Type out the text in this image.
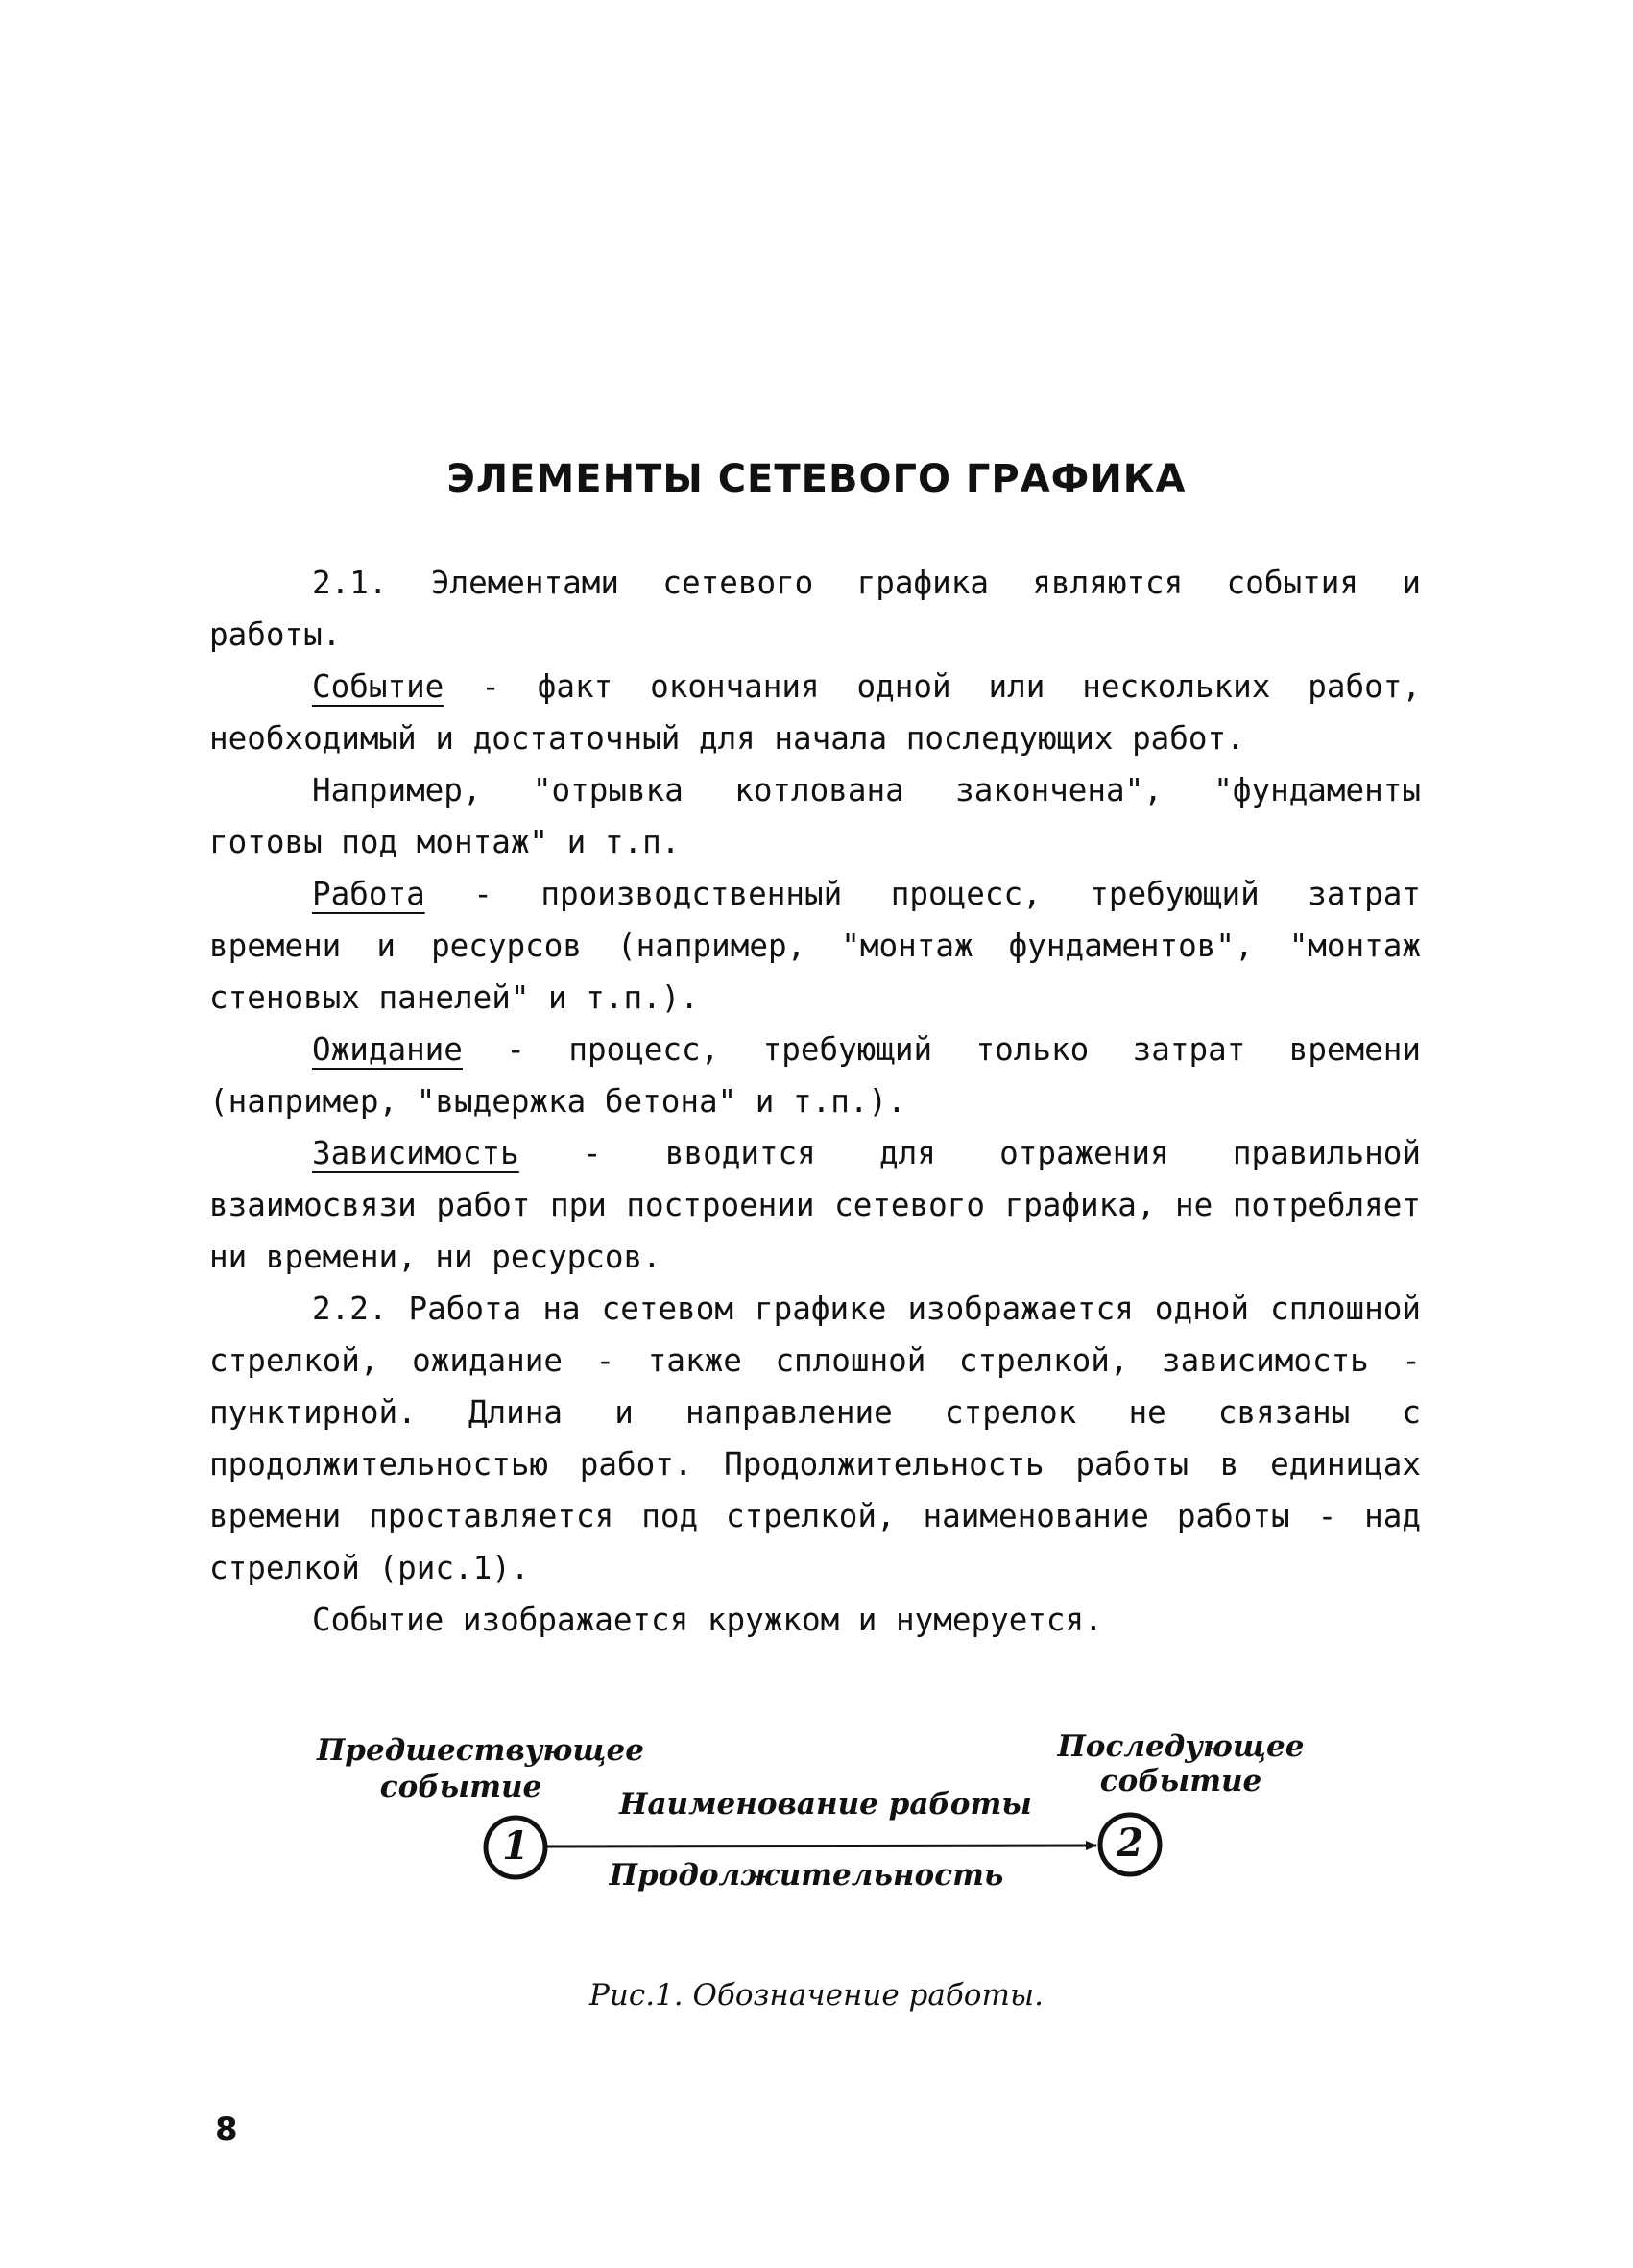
ЭЛЕМЕНТЫ СЕТЕВОГО ГРАФИКА

2.1. Элементами сетевого графика являются события и работы.

Событие - факт окончания одной или нескольких работ, необходимый и достаточный для начала последующих работ.

Например, "отрывка котлована закончена", "фундаменты готовы под монтаж" и т.п.

Работа - производственный процесс, требующий затрат времени и ресурсов (например, "монтаж фундаментов", "монтаж стеновых панелей" и т.п.).

Ожидание - процесс, требующий только затрат времени (например, "выдержка бетона" и т.п.).

Зависимость - вводится для отражения правильной взаимосвязи работ при построении сетевого графика, не потребляет ни времени, ни ресурсов.

2.2. Работа на сетевом графике изображается одной сплошной стрелкой, ожидание - также сплошной стрелкой, зависимость - пунктирной. Длина и направление стрелок не связаны с продолжительностью работ. Продолжительность работы в единицах времени проставляется под стрелкой, наименование работы - над стрелкой (рис.1).

Событие изображается кружком и нумеруется.

1	2
Предшествующее
событие
Последующее
событие
Наименование работы
Продолжительность
Рис.1. Обозначение работы.
8
